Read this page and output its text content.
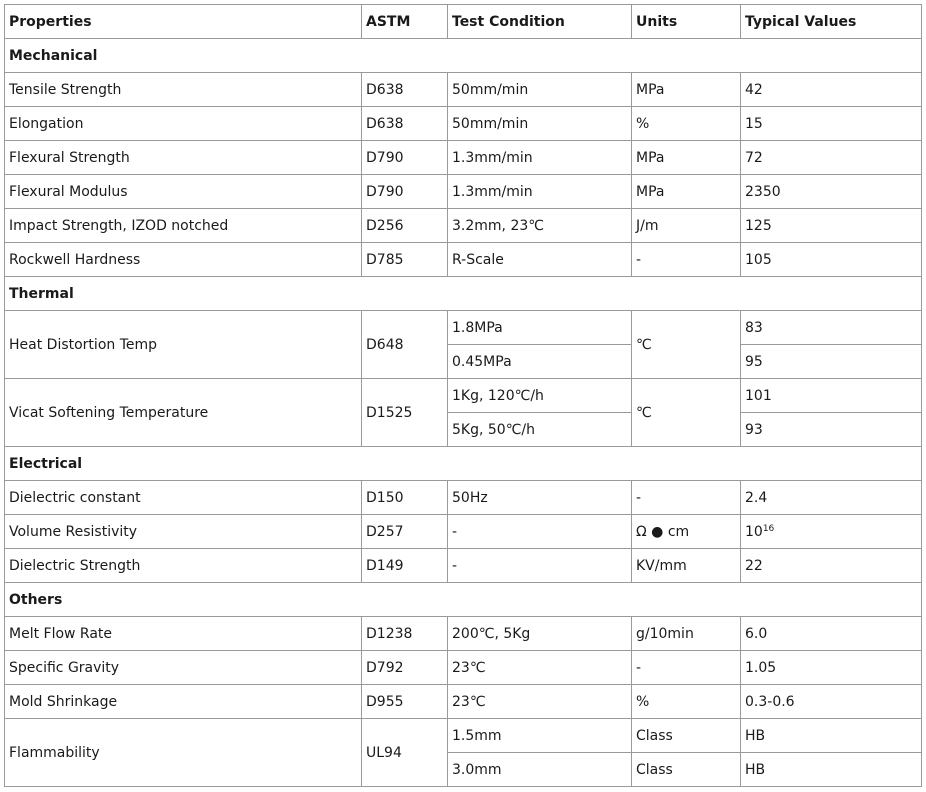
Properties	ASTM	Test Condition	Units	Typical Values
Mechanical				
Tensile Strength	D638	50mm/min	MPa	42
Elongation	D638	50mm/min	%	15
Flexural Strength	D790	1.3mm/min	MPa	72
Flexural Modulus	D790	1.3mm/min	MPa	2350
Impact Strength, IZOD notched	D256	3.2mm, 23℃	J/m	125
Rockwell Hardness	D785	R-Scale	-	105
Thermal				
Heat Distortion Temp	D648	1.8MPa	℃	83
		0.45MPa		95
Vicat Softening Temperature	D1525	1Kg, 120℃/h	℃	101
		5Kg, 50℃/h		93
Electrical				
Dielectric constant	D150	50Hz	-	2.4
Volume Resistivity	D257	-	Ω ● cm	$10^{16}$
Dielectric Strength	D149	-	KV/mm	22
Others				
Melt Flow Rate	D1238	200℃, 5Kg	g/10min	6.0
Specific Gravity	D792	23℃	-	1.05
Mold Shrinkage	D955	23℃	%	0.3-0.6
Flammability	UL94	1.5mm	Class	HB
		3.0mm	Class	HB
